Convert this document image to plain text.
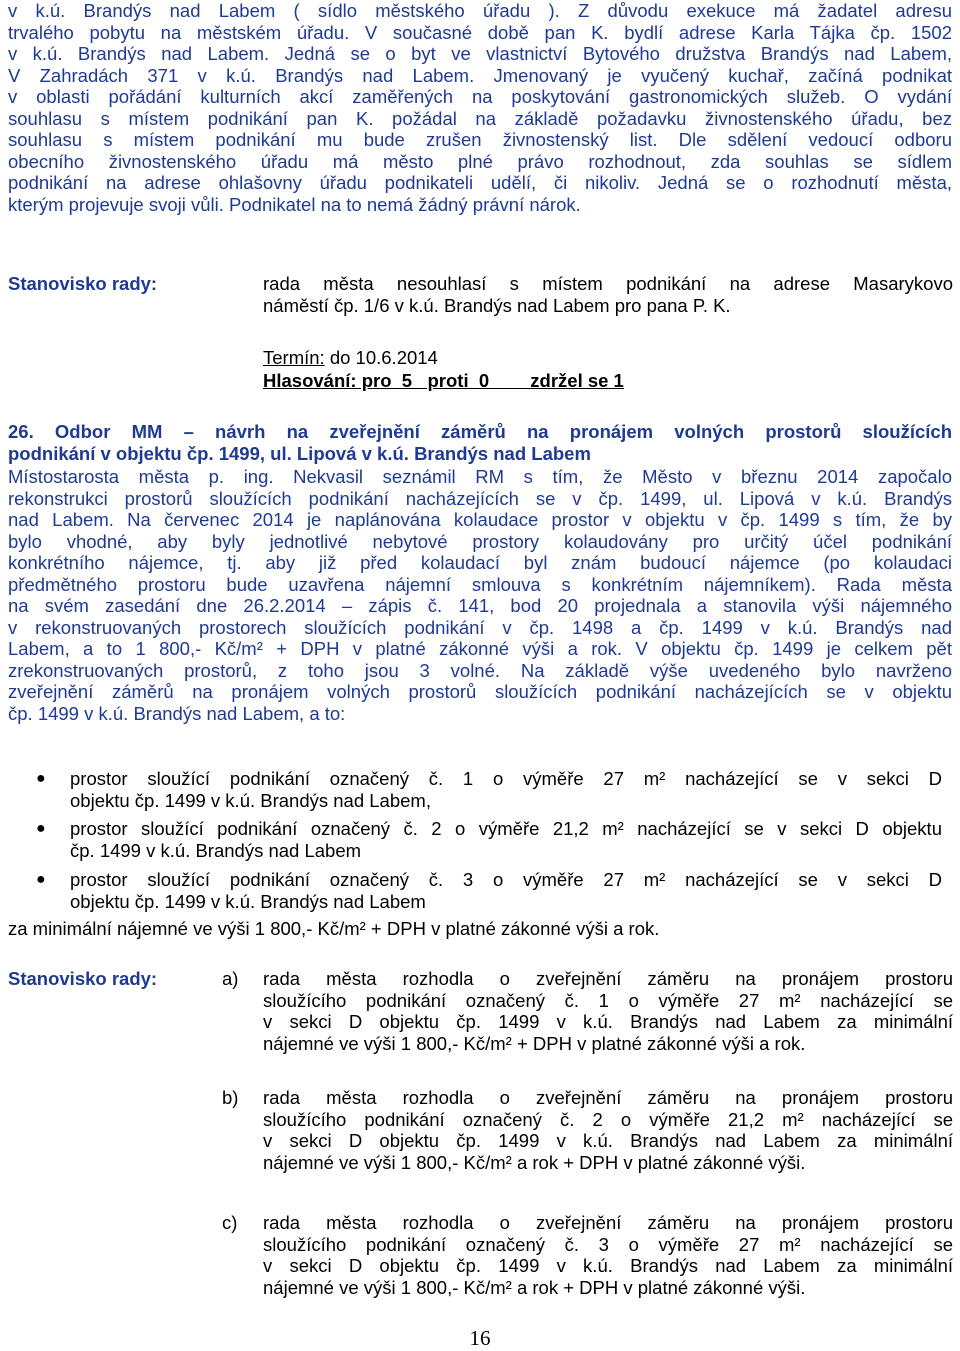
v k.ú. Brandýs nad Labem ( sídlo městského úřadu ). Z důvodu exekuce má žadatel adresu
trvalého pobytu na městském úřadu. V současné době pan K. bydlí adrese Karla Tájka čp. 1502
v k.ú. Brandýs nad Labem. Jedná se o byt ve vlastnictví Bytového družstva Brandýs nad Labem,
V Zahradách 371 v k.ú. Brandýs nad Labem. Jmenovaný je vyučený kuchař, začíná podnikat
v oblasti pořádání kulturních akcí zaměřených na poskytování gastronomických služeb. O vydání
souhlasu s místem podnikání pan K. požádal na základě požadavku živnostenského úřadu, bez
souhlasu s místem podnikání mu bude zrušen živnostenský list. Dle sdělení vedoucí odboru
obecního živnostenského úřadu má město plné právo rozhodnout, zda souhlas se sídlem
podnikání na adrese ohlašovny úřadu podnikateli udělí, či nikoliv. Jedná se o rozhodnutí města,
kterým projevuje svoji vůli. Podnikatel na to nemá žádný právní nárok.
Stanovisko rady:	rada města nesouhlasí s místem podnikání na adrese Masarykovo
náměstí čp. 1/6 v k.ú. Brandýs nad Labem pro pana P. K.
Termín: do 10.6.2014
Hlasování: pro  5   proti  0        zdržel se 1
26. Odbor MM – návrh na zveřejnění záměrů na pronájem volných prostorů sloužících
podnikání v objektu čp. 1499, ul. Lipová v k.ú. Brandýs nad Labem
Místostarosta města p. ing. Nekvasil seznámil RM s tím, že Město v březnu 2014 započalo
rekonstrukci prostorů sloužících podnikání nacházejících se v čp. 1499, ul. Lipová v k.ú. Brandýs
nad Labem. Na červenec 2014 je naplánována kolaudace prostor v objektu v čp. 1499 s tím, že by
bylo vhodné, aby byly jednotlivé nebytové prostory kolaudovány pro určitý účel podnikání
konkrétního nájemce, tj. aby již před kolaudací byl znám budoucí nájemce (po kolaudaci
předmětného prostoru bude uzavřena nájemní smlouva s konkrétním nájemníkem). Rada města
na svém zasedání dne 26.2.2014 – zápis č. 141, bod 20 projednala a stanovila výši nájemného
v rekonstruovaných prostorech sloužících podnikání v čp. 1498 a čp. 1499 v k.ú. Brandýs nad
Labem, a to 1 800,- Kč/m² + DPH v platné zákonné výši a rok. V objektu čp. 1499 je celkem pět
zrekonstruovaných prostorů, z toho jsou 3 volné. Na základě výše uvedeného bylo navrženo
zveřejnění záměrů na pronájem volných prostorů sloužících podnikání nacházejících se v objektu
čp. 1499 v k.ú. Brandýs nad Labem, a to:
● prostor sloužící podnikání označený č. 1 o výměře 27 m² nacházející se v sekci D
objektu čp. 1499 v k.ú. Brandýs nad Labem,
● prostor sloužící podnikání označený č. 2 o výměře 21,2 m² nacházející se v sekci D objektu
čp. 1499 v k.ú. Brandýs nad Labem
● prostor sloužící podnikání označený č. 3 o výměře 27 m² nacházející se v sekci D
objektu čp. 1499 v k.ú. Brandýs nad Labem
za minimální nájemné ve výši 1 800,- Kč/m² + DPH v platné zákonné výši a rok.
Stanovisko rady:	a)	rada města rozhodla o zveřejnění záměru na pronájem prostoru
sloužícího podnikání označený č. 1 o výměře 27 m² nacházející se
v sekci D objektu čp. 1499 v k.ú. Brandýs nad Labem za minimální
nájemné ve výši 1 800,- Kč/m² + DPH v platné zákonné výši a rok.
b)	rada města rozhodla o zveřejnění záměru na pronájem prostoru
sloužícího podnikání označený č. 2 o výměře 21,2 m² nacházející se
v sekci D objektu čp. 1499 v k.ú. Brandýs nad Labem za minimální
nájemné ve výši 1 800,- Kč/m² a rok + DPH v platné zákonné výši.
c)	rada města rozhodla o zveřejnění záměru na pronájem prostoru
sloužícího podnikání označený č. 3 o výměře 27 m² nacházející se
v sekci D objektu čp. 1499 v k.ú. Brandýs nad Labem za minimální
nájemné ve výši 1 800,- Kč/m² a rok + DPH v platné zákonné výši.
16
